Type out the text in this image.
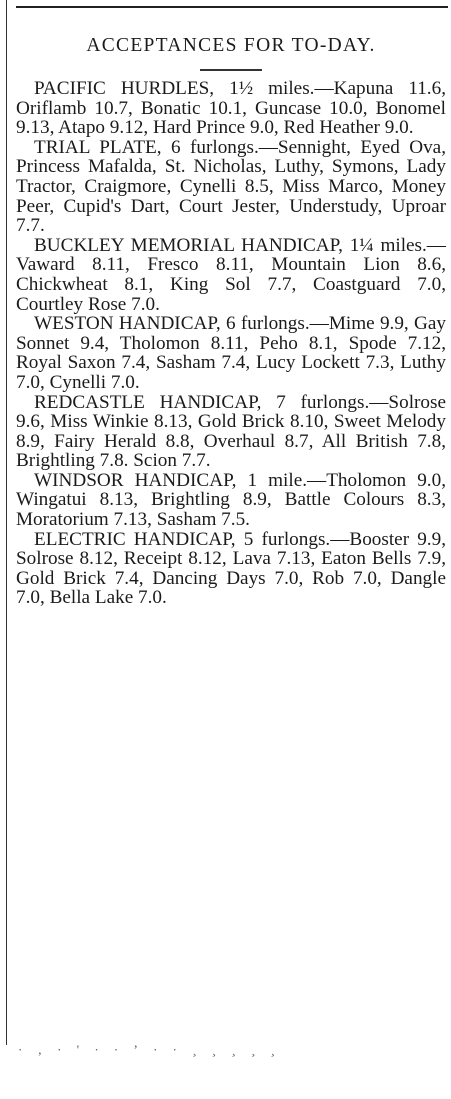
ACCEPTANCES FOR TO-DAY.

PACIFIC HURDLES, 1½ miles.—Kapuna 11.6, Oriflamb 10.7, Bonatic 10.1, Guncase 10.0, Bonomel 9.13, Atapo 9.12, Hard Prince 9.0, Red Heather 9.0.

TRIAL PLATE, 6 furlongs.—Sennight, Eyed Ova, Princess Mafalda, St. Nicholas, Luthy, Symons, Lady Tractor, Craigmore, Cynelli 8.5, Miss Marco, Money Peer, Cupid's Dart, Court Jester, Understudy, Uproar 7.7.

BUCKLEY MEMORIAL HANDICAP, 1¼ miles.— Vaward 8.11, Fresco 8.11, Mountain Lion 8.6, Chickwheat 8.1, King Sol 7.7, Coastguard 7.0, Courtley Rose 7.0.

WESTON HANDICAP, 6 furlongs.—Mime 9.9, Gay Sonnet 9.4, Tholomon 8.11, Peho 8.1, Spode 7.12, Royal Saxon 7.4, Sasham 7.4, Lucy Lockett 7.3, Luthy 7.0, Cynelli 7.0.

REDCASTLE HANDICAP, 7 furlongs.—Solrose 9.6, Miss Winkie 8.13, Gold Brick 8.10, Sweet Melody 8.9, Fairy Herald 8.8, Overhaul 8.7, All British 7.8, Brightling 7.8. Scion 7.7.

WINDSOR HANDICAP, 1 mile.—Tholomon 9.0, Wingatui 8.13, Brightling 8.9, Battle Colours 8.3, Moratorium 7.13, Sasham 7.5.

ELECTRIC HANDICAP, 5 furlongs.—Booster 9.9, Solrose 8.12, Receipt 8.12, Lava 7.13, Eaton Bells 7.9, Gold Brick 7.4, Dancing Days 7.0, Rob 7.0, Dangle 7.0, Bella Lake 7.0.

· ‚ · ' · · ʼ · · ¸ ¸ ¸ ¸ ¸
